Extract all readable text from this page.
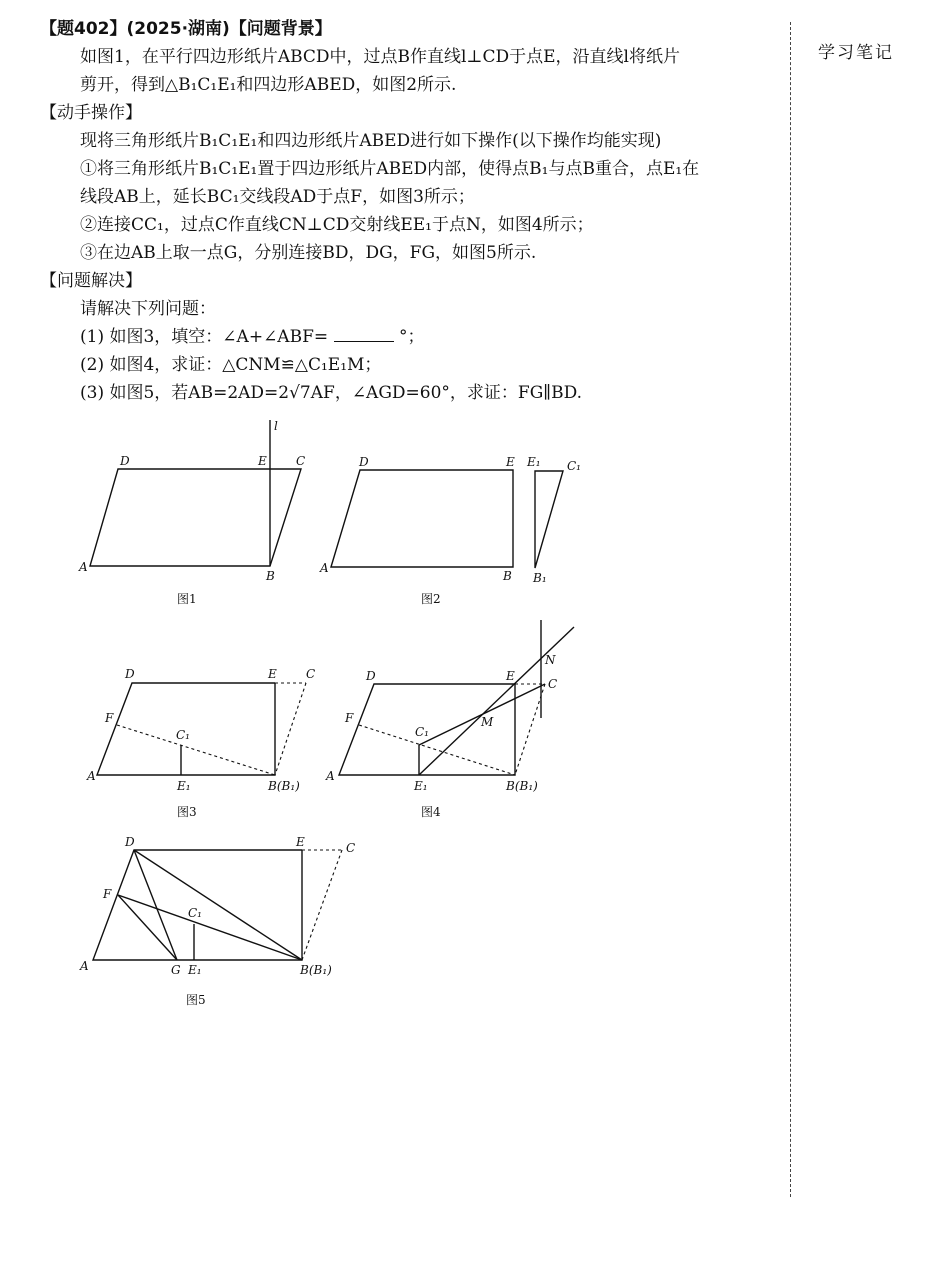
学习笔记
【题402】(2025·湖南)【问题背景】
如图1，在平行四边形纸片ABCD中，过点B作直线l⊥CD于点E，沿直线l将纸片
剪开，得到△B₁C₁E₁和四边形ABED，如图2所示.
【动手操作】
现将三角形纸片B₁C₁E₁和四边形纸片ABED进行如下操作(以下操作均能实现)
①将三角形纸片B₁C₁E₁置于四边形纸片ABED内部，使得点B₁与点B重合，点E₁在
线段AB上，延长BC₁交线段AD于点F，如图3所示；
②连接CC₁，过点C作直线CN⊥CD交射线EE₁于点N，如图4所示；
③在边AB上取一点G，分别连接BD，DG，FG，如图5所示.
【问题解决】
请解决下列问题：
(1) 如图3，填空：∠A+∠ABF=	°；
(2) 如图4，求证：△CNM≌△C₁E₁M；
(3) 如图5，若AB=2AD=2√7AF，∠AGD=60°，求证：FG∥BD.
D	E C
A
B
l
图1
D	E
A
B
E₁ C₁
B₁
图2
D	E C
F
C₁
A
E₁	B(B₁)
图3
N
D	E
C
F	M
C₁
A
E₁	B(B₁)
图4
D	E	C
F
C₁
A	G E₁	B(B₁)
图5
